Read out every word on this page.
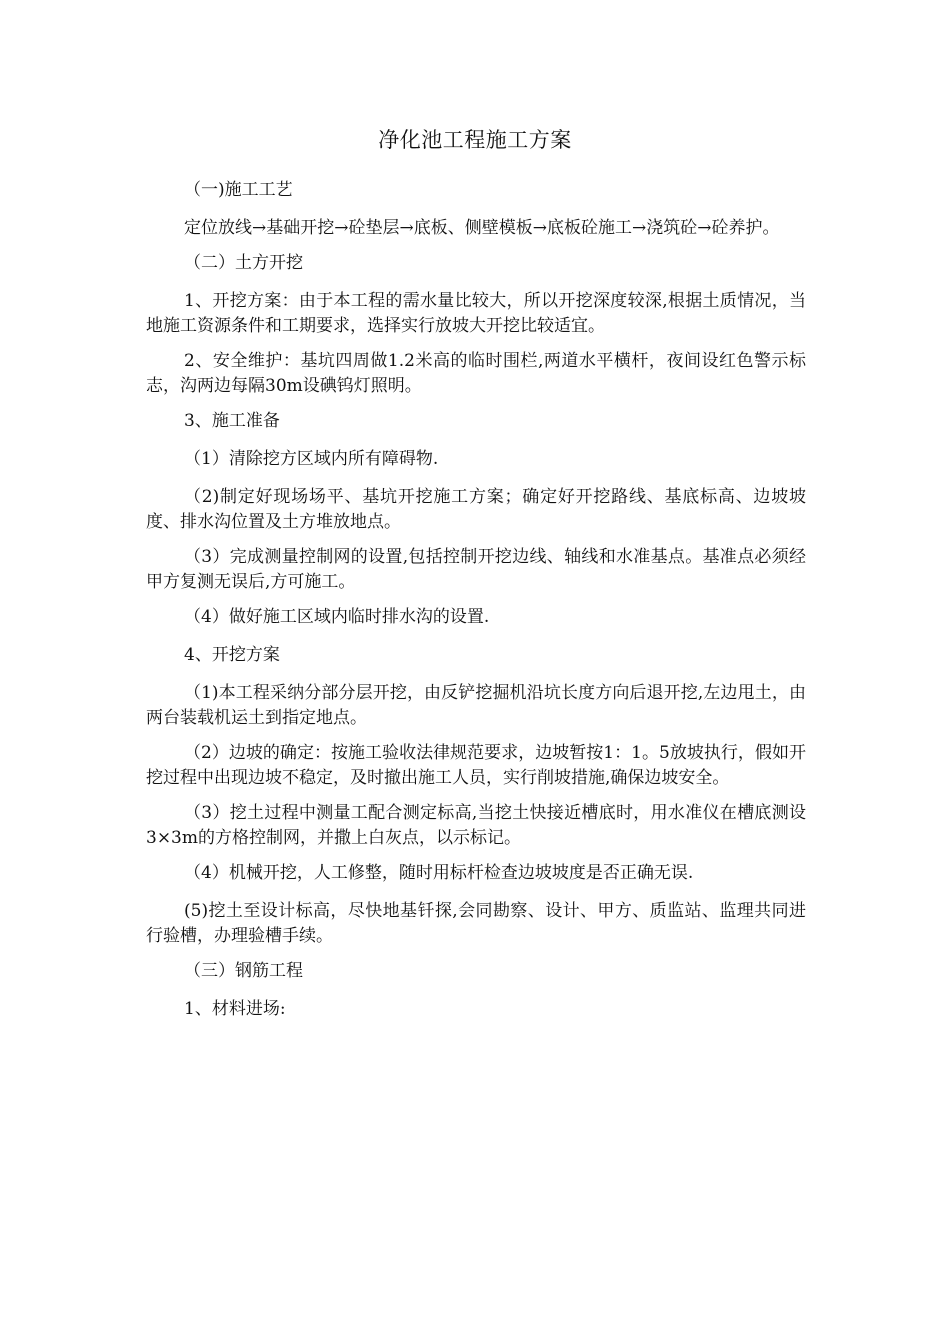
净化池工程施工方案

（一)施工工艺

定位放线→基础开挖→砼垫层→底板、侧壁模板→底板砼施工→浇筑砼→砼养护。

（二）土方开挖

1、开挖方案：由于本工程的需水量比较大，所以开挖深度较深,根据土质情况，当地施工资源条件和工期要求，选择实行放坡大开挖比较适宜。

2、安全维护：基坑四周做1.2米高的临时围栏,两道水平横杆，夜间设红色警示标志，沟两边每隔30m设碘钨灯照明。

3、施工准备

（1）清除挖方区域内所有障碍物.

（2)制定好现场场平、基坑开挖施工方案；确定好开挖路线、基底标高、边坡坡度、排水沟位置及土方堆放地点。

（3）完成测量控制网的设置,包括控制开挖边线、轴线和水准基点。基准点必须经甲方复测无误后,方可施工。

（4）做好施工区域内临时排水沟的设置.

4、开挖方案

（1)本工程采纳分部分层开挖，由反铲挖掘机沿坑长度方向后退开挖,左边甩土，由两台装载机运土到指定地点。

（2）边坡的确定：按施工验收法律规范要求，边坡暂按1：1。5放坡执行，假如开挖过程中出现边坡不稳定，及时撤出施工人员，实行削坡措施,确保边坡安全。

（3）挖土过程中测量工配合测定标高,当挖土快接近槽底时，用水准仪在槽底测设3×3m的方格控制网，并撒上白灰点，以示标记。

（4）机械开挖，人工修整，随时用标杆检查边坡坡度是否正确无误.

(5)挖土至设计标高，尽快地基钎探,会同勘察、设计、甲方、质监站、监理共同进行验槽，办理验槽手续。

（三）钢筋工程

1、材料进场:
